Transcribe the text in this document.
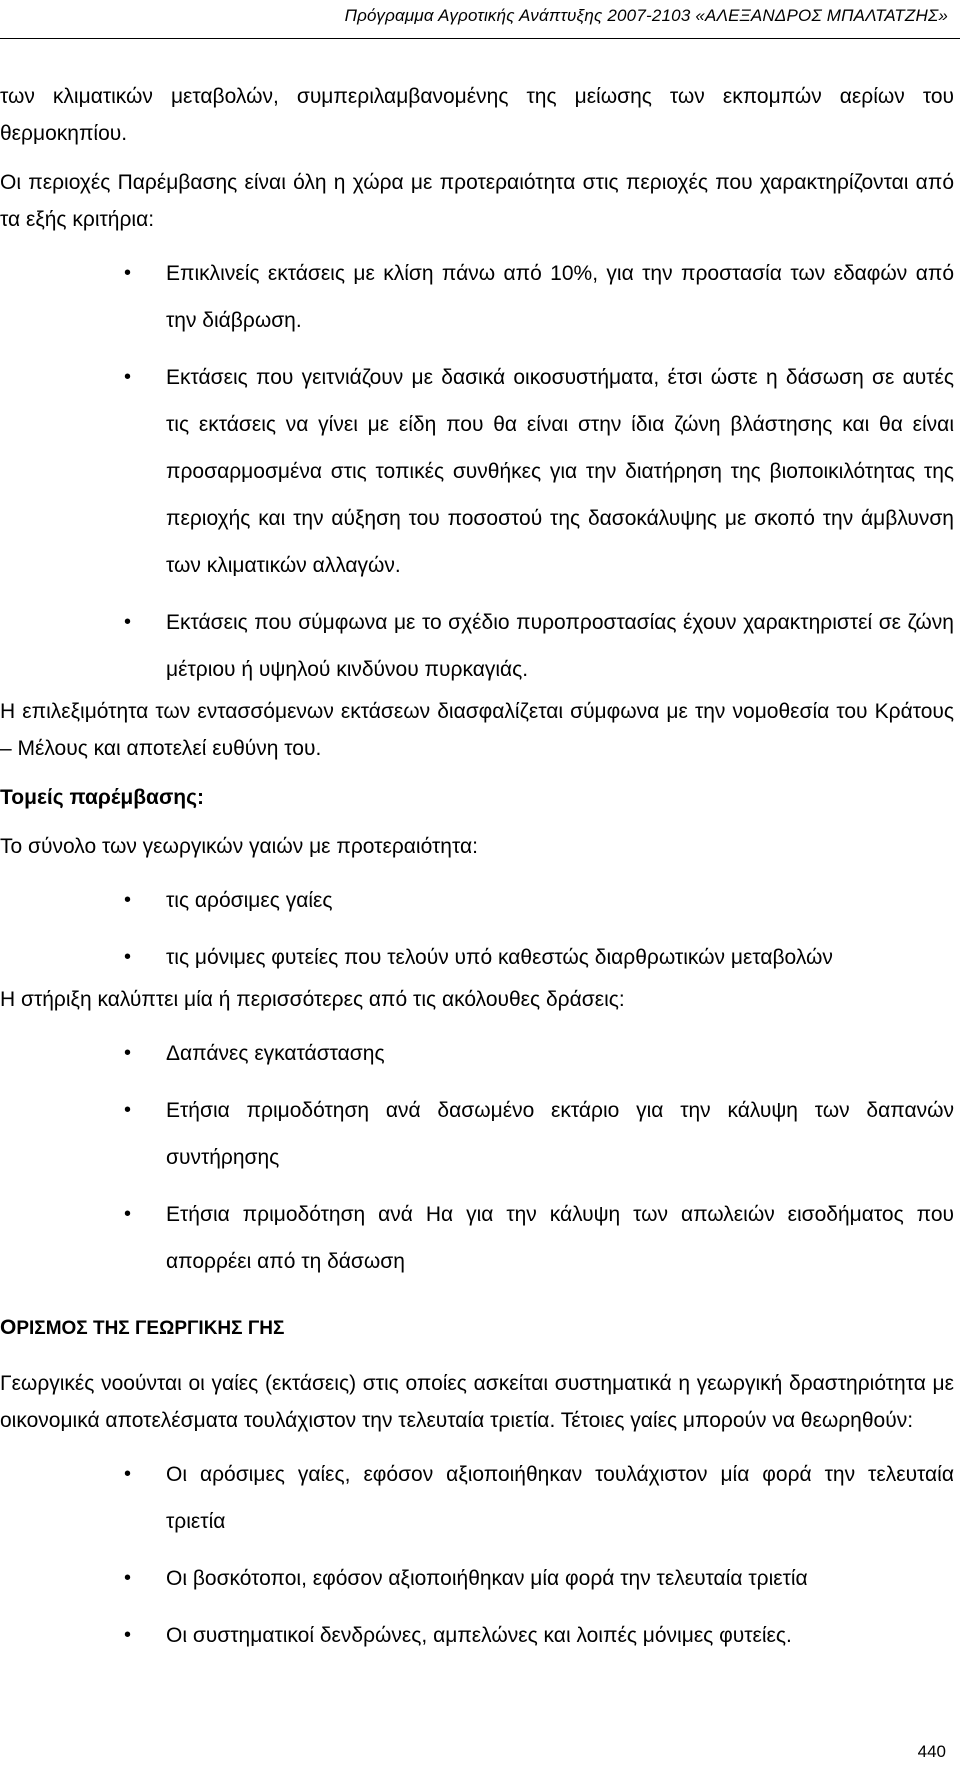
Πρόγραμμα Αγροτικής Ανάπτυξης 2007-2103 «ΑΛΕΞΑΝΔΡΟΣ ΜΠΑΛΤΑΤΖΗΣ»

των κλιματικών μεταβολών, συμπεριλαμβανομένης της μείωσης των εκπομπών αερίων του θερμοκηπίου.

Οι περιοχές Παρέμβασης είναι όλη η χώρα με προτεραιότητα στις περιοχές που χαρακτηρίζονται από τα εξής κριτήρια:

• Επικλινείς εκτάσεις με κλίση πάνω από 10%, για την προστασία των εδαφών από την διάβρωση.
• Εκτάσεις που γειτνιάζουν με δασικά οικοσυστήματα, έτσι ώστε η δάσωση σε αυτές τις εκτάσεις να γίνει με είδη που θα είναι στην ίδια ζώνη βλάστησης και θα είναι προσαρμοσμένα στις τοπικές συνθήκες για την διατήρηση της βιοποικιλότητας της περιοχής και την αύξηση του ποσοστού της δασοκάλυψης με σκοπό την άμβλυνση των κλιματικών αλλαγών.
• Εκτάσεις που σύμφωνα με το σχέδιο πυροπροστασίας έχουν χαρακτηριστεί σε ζώνη μέτριου ή υψηλού κινδύνου πυρκαγιάς.

Η επιλεξιμότητα των εντασσόμενων εκτάσεων διασφαλίζεται σύμφωνα με την νομοθεσία του Κράτους – Μέλους και αποτελεί ευθύνη του.

Τομείς παρέμβασης:

Το σύνολο των γεωργικών γαιών με προτεραιότητα:

• τις αρόσιμες γαίες
• τις μόνιμες φυτείες που τελούν υπό καθεστώς διαρθρωτικών μεταβολών

Η στήριξη καλύπτει μία ή περισσότερες από τις ακόλουθες δράσεις:

• Δαπάνες εγκατάστασης
• Ετήσια πριμοδότηση ανά δασωμένο εκτάριο για την κάλυψη των δαπανών συντήρησης
• Ετήσια πριμοδότηση ανά Ηα για την κάλυψη των απωλειών εισοδήματος που απορρέει από τη δάσωση

ΟΡΙΣΜΟΣ ΤΗΣ ΓΕΩΡΓΙΚΗΣ ΓΗΣ

Γεωργικές νοούνται οι γαίες (εκτάσεις) στις οποίες ασκείται συστηματικά η γεωργική δραστηριότητα με οικονομικά αποτελέσματα τουλάχιστον την τελευταία τριετία. Τέτοιες γαίες μπορούν να θεωρηθούν:

• Οι αρόσιμες γαίες, εφόσον αξιοποιήθηκαν τουλάχιστον μία φορά την τελευταία τριετία
• Οι βοσκότοποι, εφόσον αξιοποιήθηκαν μία φορά την τελευταία τριετία
• Οι συστηματικοί δενδρώνες, αμπελώνες και λοιπές μόνιμες φυτείες.
440
